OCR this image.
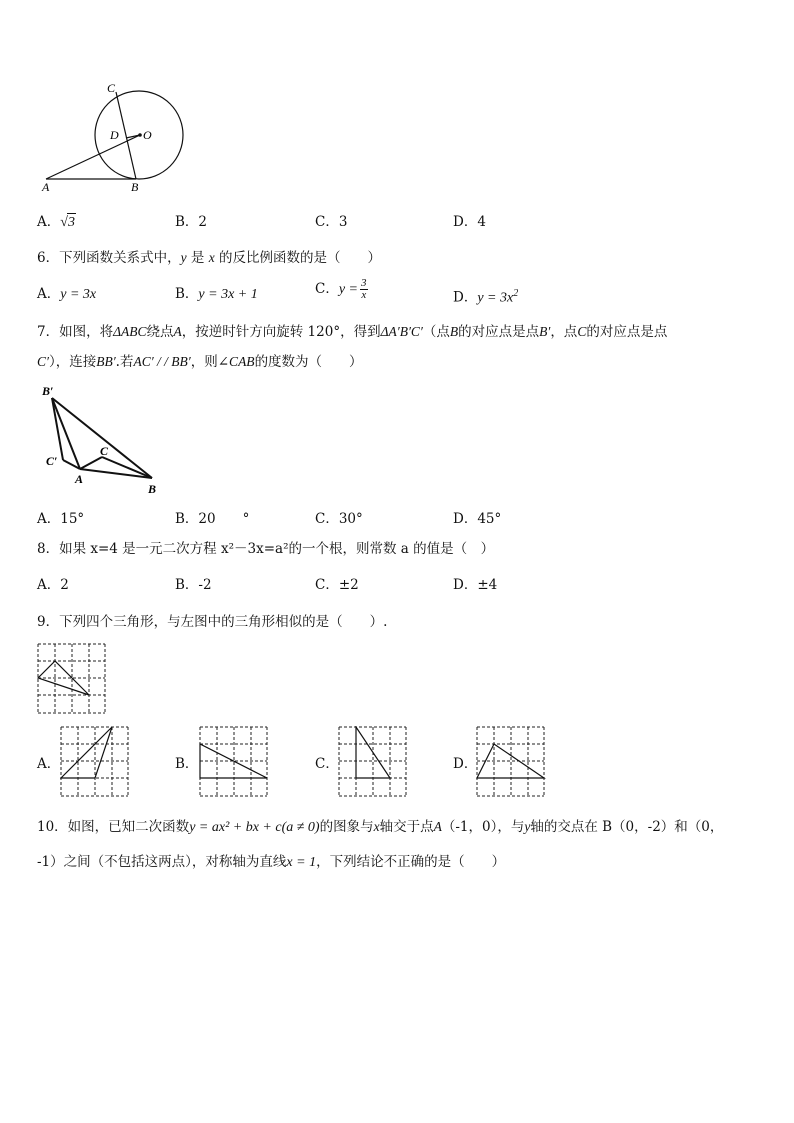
C
D O
A	B
A．√3	B．2	C．3	D．4
6．下列函数关系式中，y 是 x 的反比例函数的是（　　）
A．y = 3x	B．y = 3x + 1	C．$y = \frac{3}{x}$	D．$y = 3x^2$
7．如图，将ΔABC绕点A，按逆时针方向旋转 120°，得到ΔA′B′C′（点B的对应点是点B′，点C的对应点是点
C′），连接BB′.若AC′ / / BB′，则∠CAB的度数为（　　）
B′
C′
C
A
B
A．15°	B．20　　°	C．30°	D．45°
8．如果 x=4 是一元二次方程 x²－3x=a²的一个根，则常数 a 的值是（　）
A．2	B．-2	C．±2	D．±4
9．下列四个三角形，与左图中的三角形相似的是（　　）.
A．	B．	C．	D．
10．如图，已知二次函数y = ax² + bx + c(a ≠ 0)的图象与x轴交于点A（-1，0），与y轴的交点在 B（0，-2）和（0，
-1）之间（不包括这两点），对称轴为直线x = 1，下列结论不正确的是（　　）
